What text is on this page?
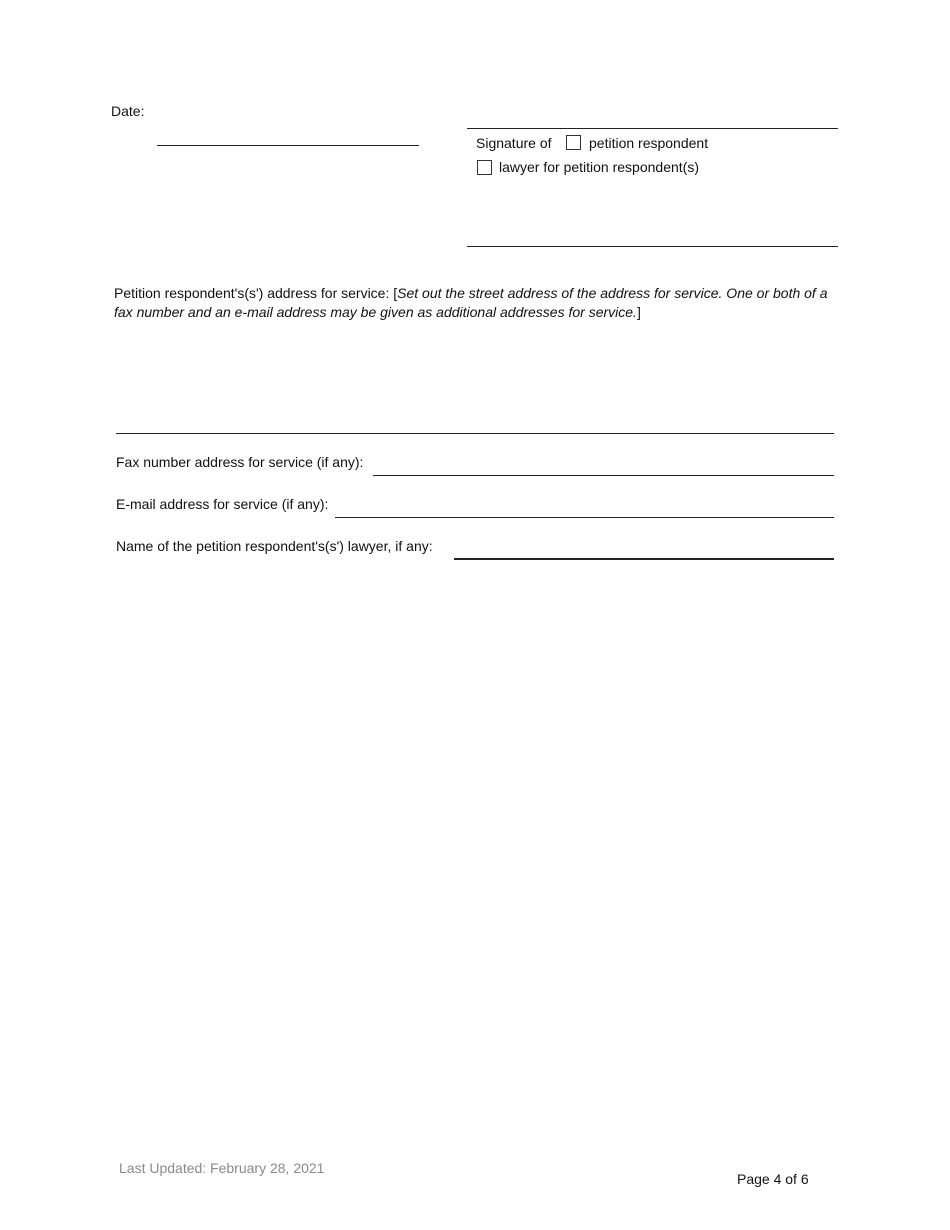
Date:
Signature of	petition respondent
lawyer for petition respondent(s)
Petition respondent's(s') address for service: [Set out the street address of the address for service. One or both of a
fax number and an e-mail address may be given as additional addresses for service.]
Fax number address for service (if any):
E-mail address for service (if any):
Name of the petition respondent's(s') lawyer, if any:
Last Updated: February 28, 2021
Page 4 of 6
